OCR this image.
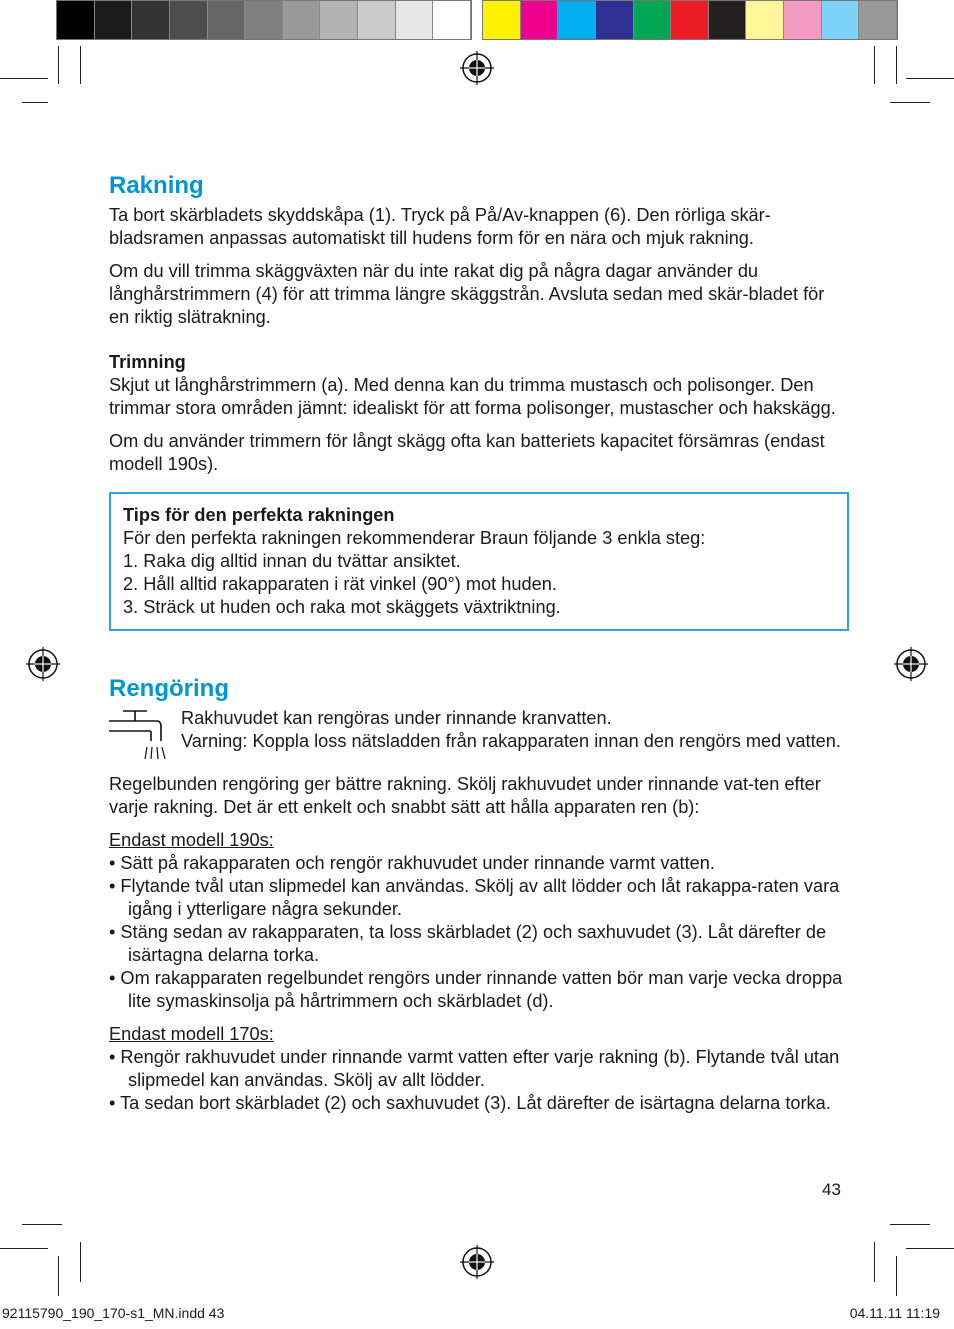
Rakning

Ta bort skärbladets skyddskåpa (1). Tryck på På/Av-knappen (6). Den rörliga skär-bladsramen anpassas automatiskt till hudens form för en nära och mjuk rakning.

Om du vill trimma skäggväxten när du inte rakat dig på några dagar använder du långhårstrimmern (4) för att trimma längre skäggstrån. Avsluta sedan med skär-bladet för en riktig slätrakning.

Trimning

Skjut ut långhårstrimmern (a). Med denna kan du trimma mustasch och polisonger. Den trimmar stora områden jämnt: idealiskt för att forma polisonger, mustascher och hakskägg.

Om du använder trimmern för långt skägg ofta kan batteriets kapacitet försämras (endast modell 190s).

Tips för den perfekta rakningen

För den perfekta rakningen rekommenderar Braun följande 3 enkla steg:

1. Raka dig alltid innan du tvättar ansiktet.
2. Håll alltid rakapparaten i rät vinkel (90°) mot huden.
3. Sträck ut huden och raka mot skäggets växtriktning.
Rengöring
Rakhuvudet kan rengöras under rinnande kranvatten.
Varning: Koppla loss nätsladden från rakapparaten innan den rengörs med vatten.

Regelbunden rengöring ger bättre rakning. Skölj rakhuvudet under rinnande vat-ten efter varje rakning. Det är ett enkelt och snabbt sätt att hålla apparaten ren (b):

Endast modell 190s:

• Sätt på rakapparaten och rengör rakhuvudet under rinnande varmt vatten.
• Flytande tvål utan slipmedel kan användas. Skölj av allt lödder och låt rakappa-raten vara igång i ytterligare några sekunder.
• Stäng sedan av rakapparaten, ta loss skärbladet (2) och saxhuvudet (3). Låt därefter de isärtagna delarna torka.
• Om rakapparaten regelbundet rengörs under rinnande vatten bör man varje vecka droppa lite symaskinsolja på hårtrimmern och skärbladet (d).

Endast modell 170s:

• Rengör rakhuvudet under rinnande varmt vatten efter varje rakning (b). Flytande tvål utan slipmedel kan användas. Skölj av allt lödder.
• Ta sedan bort skärbladet (2) och saxhuvudet (3). Låt därefter de isärtagna delarna torka.
43
92115790_190_170-s1_MN.indd 43	04.11.11 11:19
